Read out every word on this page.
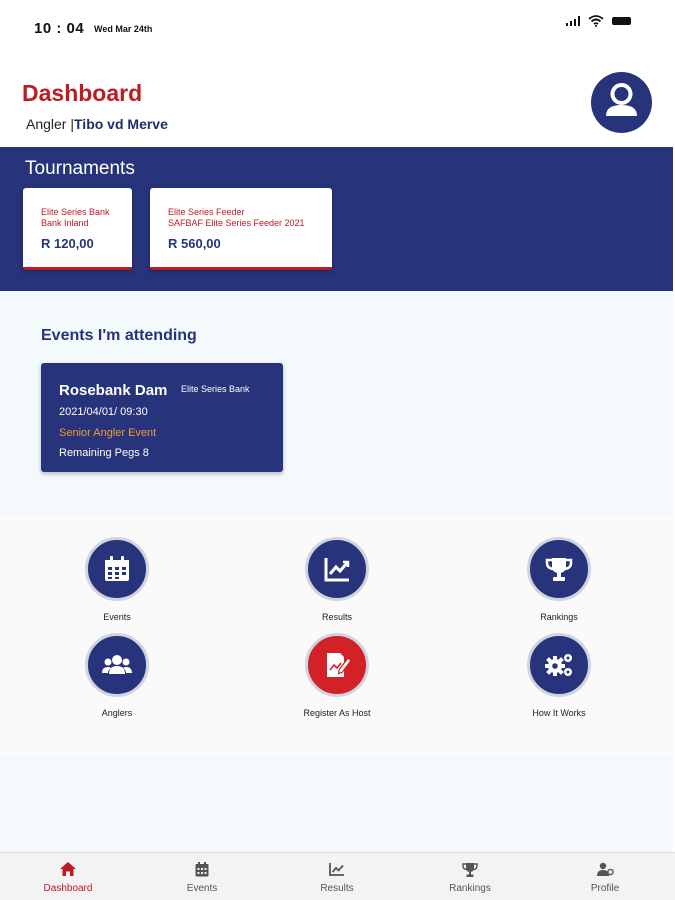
10 : 04 Wed Mar 24th
Dashboard
Angler |Tibo vd Merve
Tournaments
Elite Series Bank
Bank Inland
R 120,00
Elite Series Feeder
SAFBAF Elite Series Feeder 2021
R 560,00
Events I'm attending
Rosebank Dam Elite Series Bank
2021/04/01/ 09:30
Senior Angler Event
Remaining Pegs 8
Events	Results	Rankings
Anglers	Register As Host	How It Works
Dashboard	Events	Results	Rankings	Profile
